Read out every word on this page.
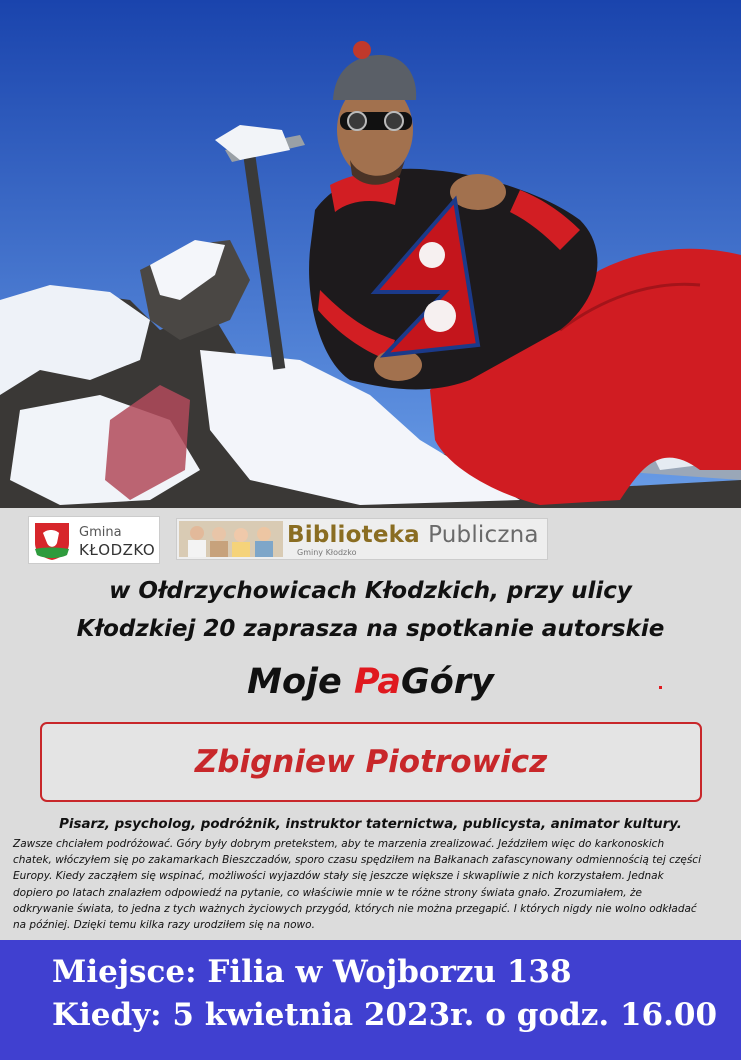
Gmina
KŁODZKO
Biblioteka Publiczna
Gminy Kłodzko
w Ołdrzychowicach Kłodzkich, przy ulicy
Kłodzkiej 20 zaprasza na spotkanie autorskie
Moje PaGóry
Zbigniew Piotrowicz
Pisarz, psycholog, podróżnik, instruktor taternictwa, publicysta, animator kultury.
Zawsze chciałem podróżować. Góry były dobrym pretekstem, aby te marzenia zrealizować. Jeździłem więc do karkonoskich chatek, włóczyłem się po zakamarkach Bieszczadów, sporo czasu spędziłem na Bałkanach zafascynowany odmiennością tej części Europy. Kiedy zacząłem się wspinać, możliwości wyjazdów stały się jeszcze większe i skwapliwie z nich korzystałem. Jednak dopiero po latach znalazłem odpowiedź na pytanie, co właściwie mnie w te różne strony świata gnało. Zrozumiałem, że odkrywanie świata, to jedna z tych ważnych życiowych przygód, których nie można przegapić. I których nigdy nie wolno odkładać na później. Dzięki temu kilka razy urodziłem się na nowo.
Miejsce: Filia w Wojborzu 138
Kiedy: 5 kwietnia 2023r. o godz. 16.00
